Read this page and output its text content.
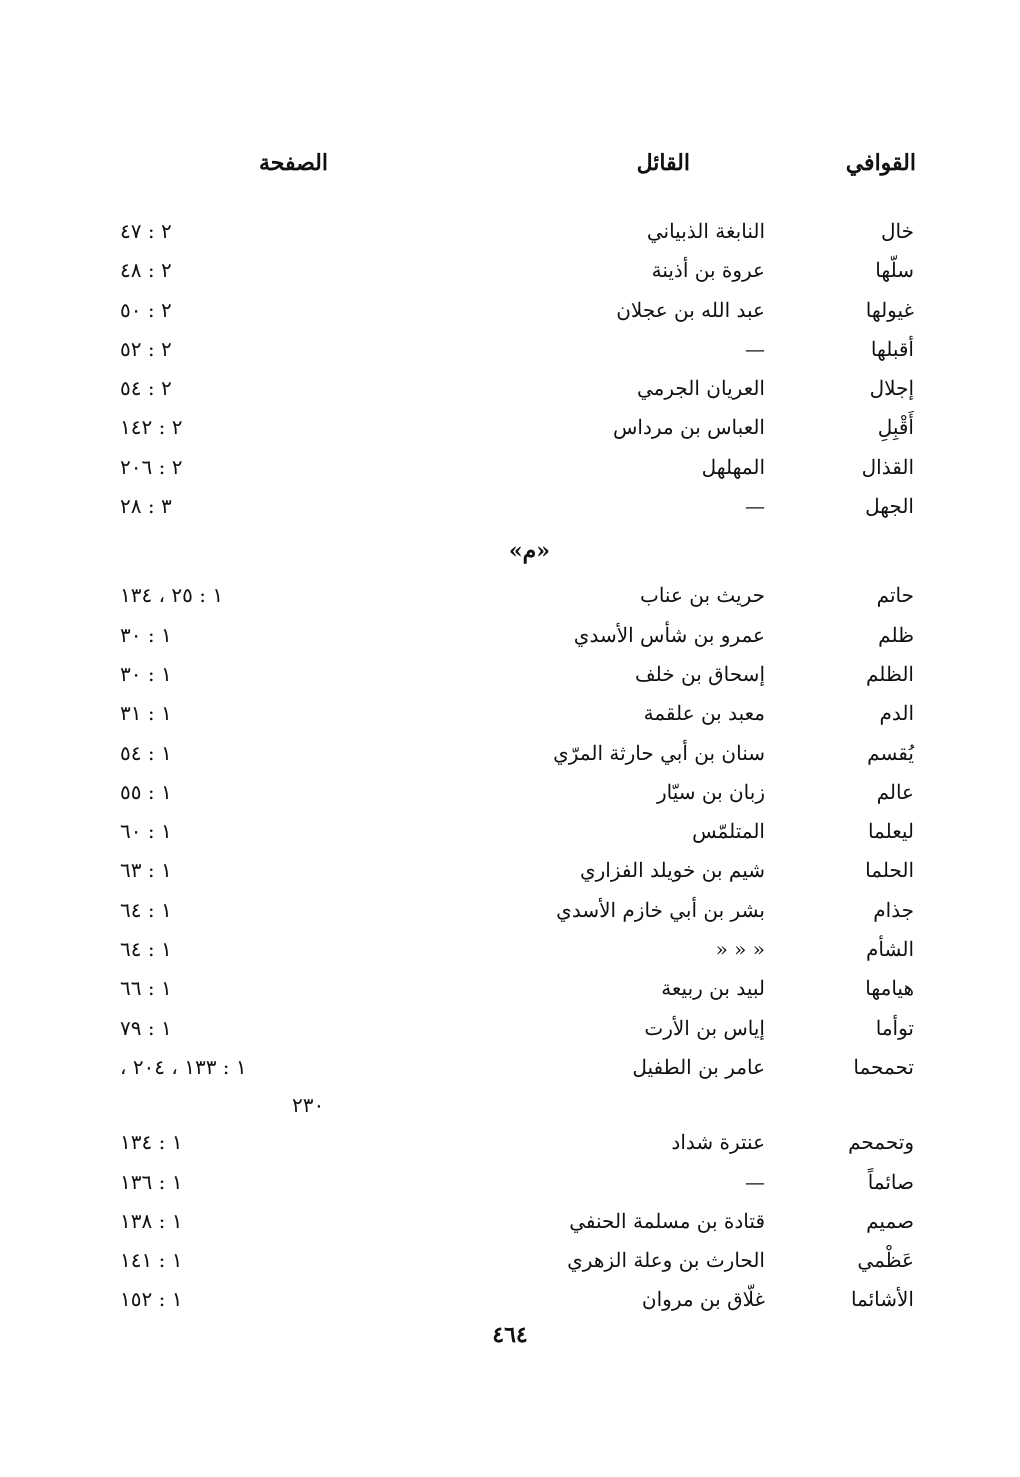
القوافي
القائل
الصفحة
خال
النابغة الذبياني
٢ : ٤٧
سلّها
عروة بن أذينة
٢ : ٤٨
غيولها
عبد الله بن عجلان
٢ : ٥٠
أقبلها
—
٢ : ٥٢
إجلال
العريان الجرمي
٢ : ٥٤
أَقْبِلِ
العباس بن مرداس
٢ : ١٤٢
القذال
المهلهل
٢ : ٢٠٦
الجهل
—
٣ : ٢٨
«م»
حاتم
حريث بن عناب
١ : ٢٥ ، ١٣٤
ظلم
عمرو بن شأس الأسدي
١ : ٣٠
الظلم
إسحاق بن خلف
١ : ٣٠
الدم
معبد بن علقمة
١ : ٣١
يُقسم
سنان بن أبي حارثة المرّي
١ : ٥٤
عالم
زبان بن سيّار
١ : ٥٥
ليعلما
المتلمّس
١ : ٦٠
الحلما
شيم بن خويلد الفزاري
١ : ٦٣
جذام
بشر بن أبي خازم الأسدي
١ : ٦٤
الشأم
« « «
١ : ٦٤
هيامها
لبيد بن ربيعة
١ : ٦٦
توأما
إياس بن الأرت
١ : ٧٩
تحمحما
عامر بن الطفيل
١ : ١٣٣ ، ٢٠٤ ،
٢٣٠
وتحمحم
عنترة شداد
١ : ١٣٤
صائماً
—
١ : ١٣٦
صميم
قتادة بن مسلمة الحنفي
١ : ١٣٨
عَظْمي
الحارث بن وعلة الزهري
١ : ١٤١
الأشائما
غلّاق بن مروان
١ : ١٥٢
٤٦٤
